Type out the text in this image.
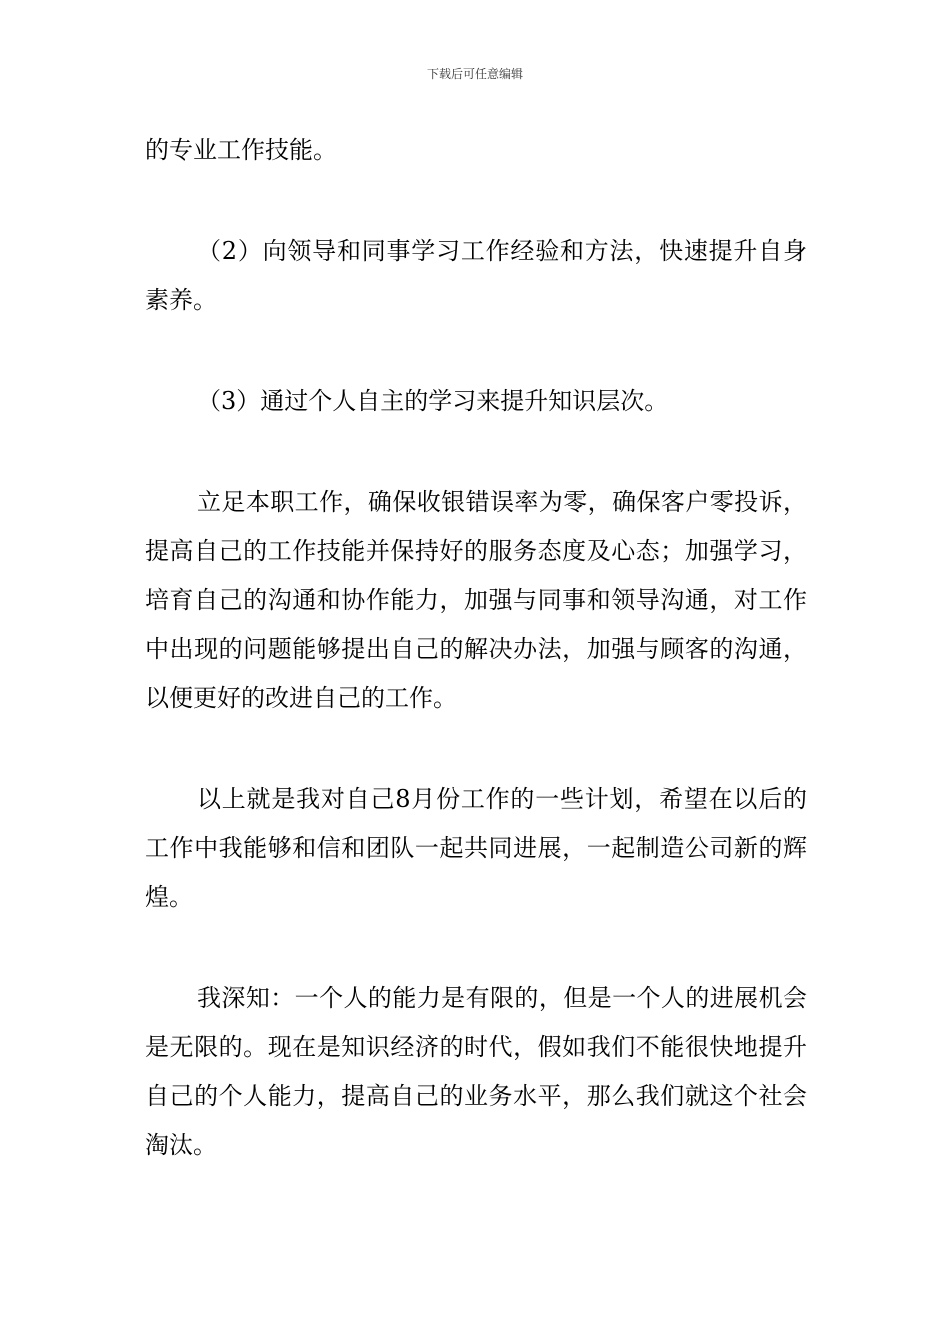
下载后可任意编辑

的专业工作技能。

（2）向领导和同事学习工作经验和方法，快速提升自身素养。

（3）通过个人自主的学习来提升知识层次。

立足本职工作，确保收银错误率为零，确保客户零投诉，提高自己的工作技能并保持好的服务态度及心态；加强学习，培育自己的沟通和协作能力，加强与同事和领导沟通，对工作中出现的问题能够提出自己的解决办法，加强与顾客的沟通，以便更好的改进自己的工作。

以上就是我对自己8月份工作的一些计划，希望在以后的工作中我能够和信和团队一起共同进展，一起制造公司新的辉煌。

我深知：一个人的能力是有限的，但是一个人的进展机会是无限的。现在是知识经济的时代，假如我们不能很快地提升自己的个人能力，提高自己的业务水平，那么我们就这个社会淘汰。
